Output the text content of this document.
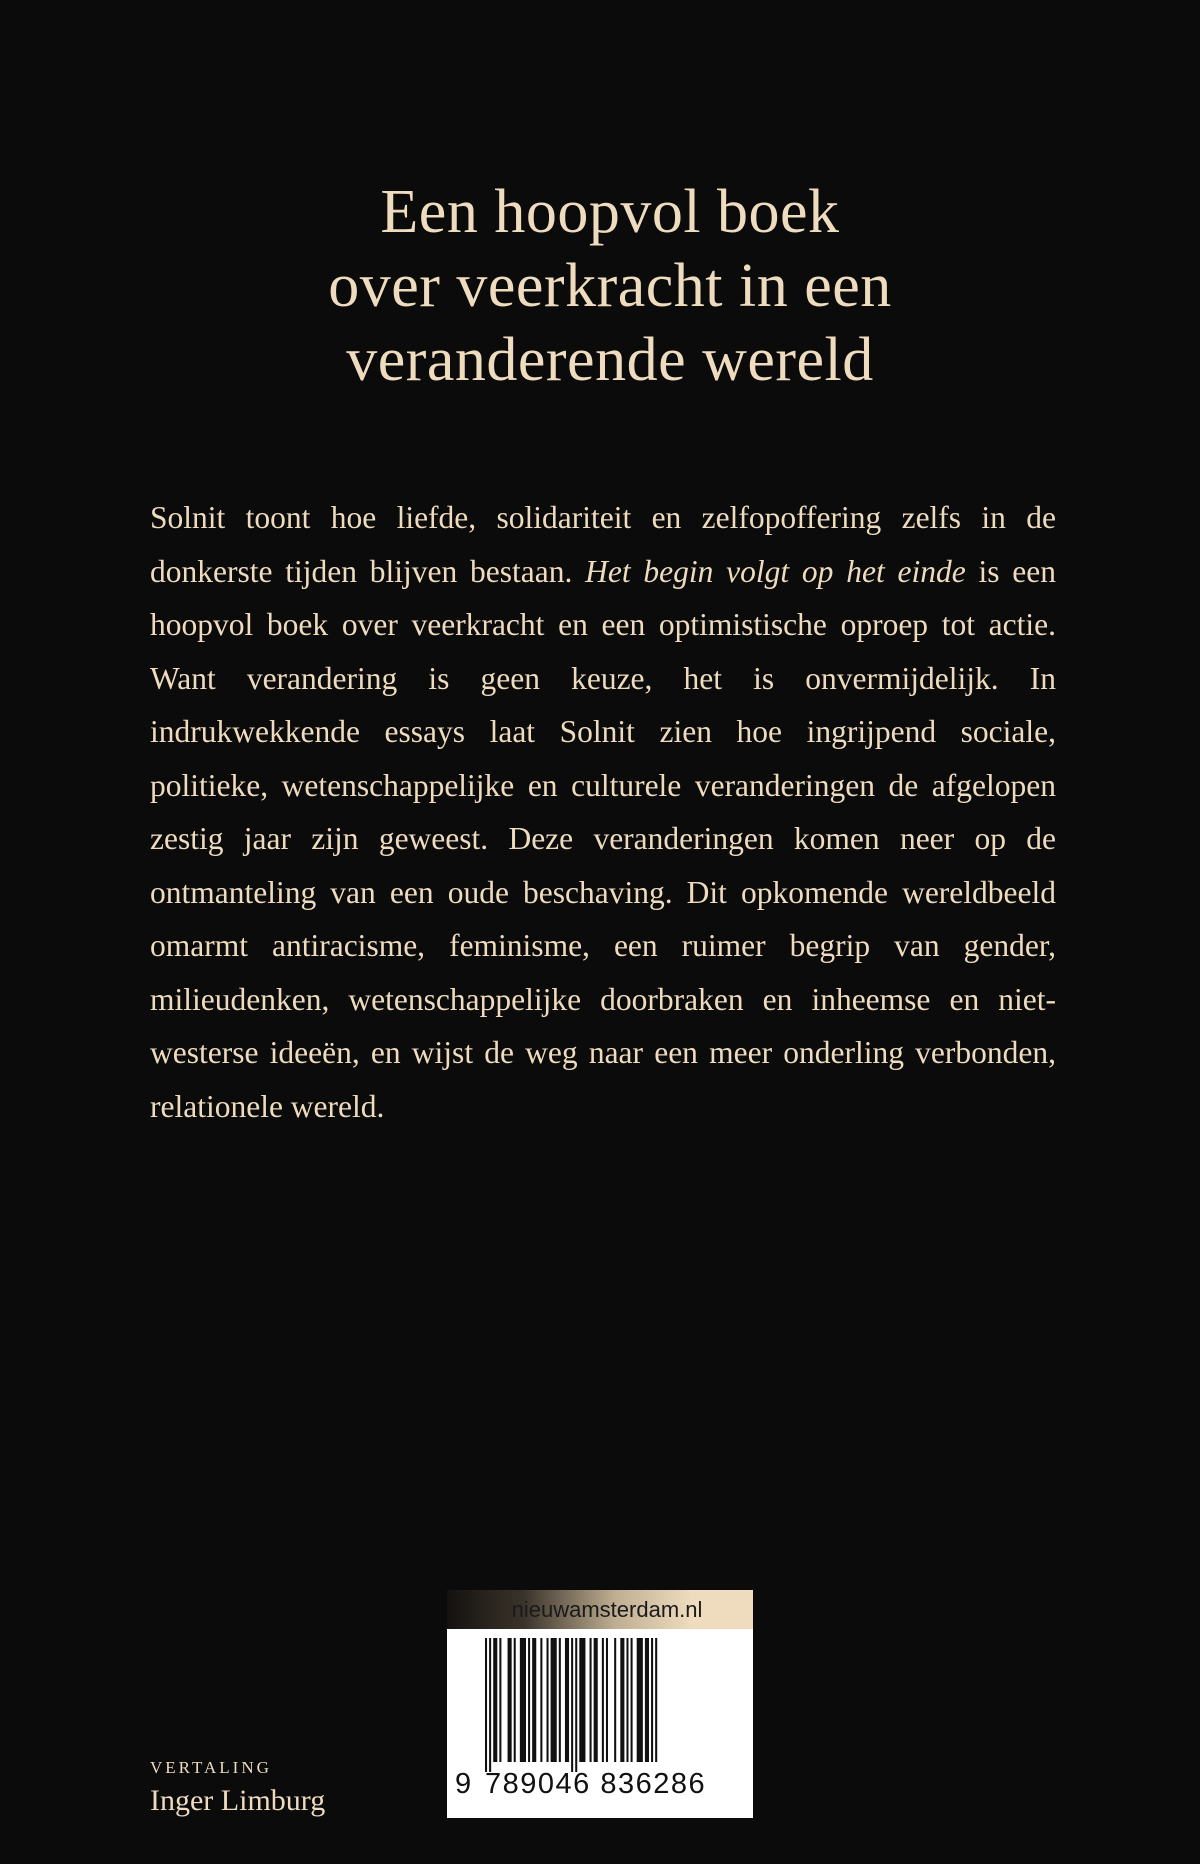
Een hoopvol boek
over veerkracht in een
veranderende wereld

Solnit toont hoe liefde, solidariteit en zelfopoffering zelfs in de donkerste tijden blijven bestaan. Het begin volgt op het einde is een hoopvol boek over veerkracht en een optimistische oproep tot actie. Want verandering is geen keuze, het is onvermijdelijk. In indrukwekkende essays laat Solnit zien hoe ingrijpend sociale, politieke, wetenschappelijke en culturele veranderingen de afgelopen zestig jaar zijn geweest. Deze veranderingen komen neer op de ontmanteling van een oude beschaving. Dit opkomende wereldbeeld omarmt antiracisme, feminisme, een ruimer begrip van gender, milieudenken, wetenschappelijke doorbraken en inheemse en niet-westerse ideeën, en wijst de weg naar een meer onderling verbonden, relationele wereld.

VERTALING
Inger Limburg
nieuwamsterdam.nl
9 789046 836286
